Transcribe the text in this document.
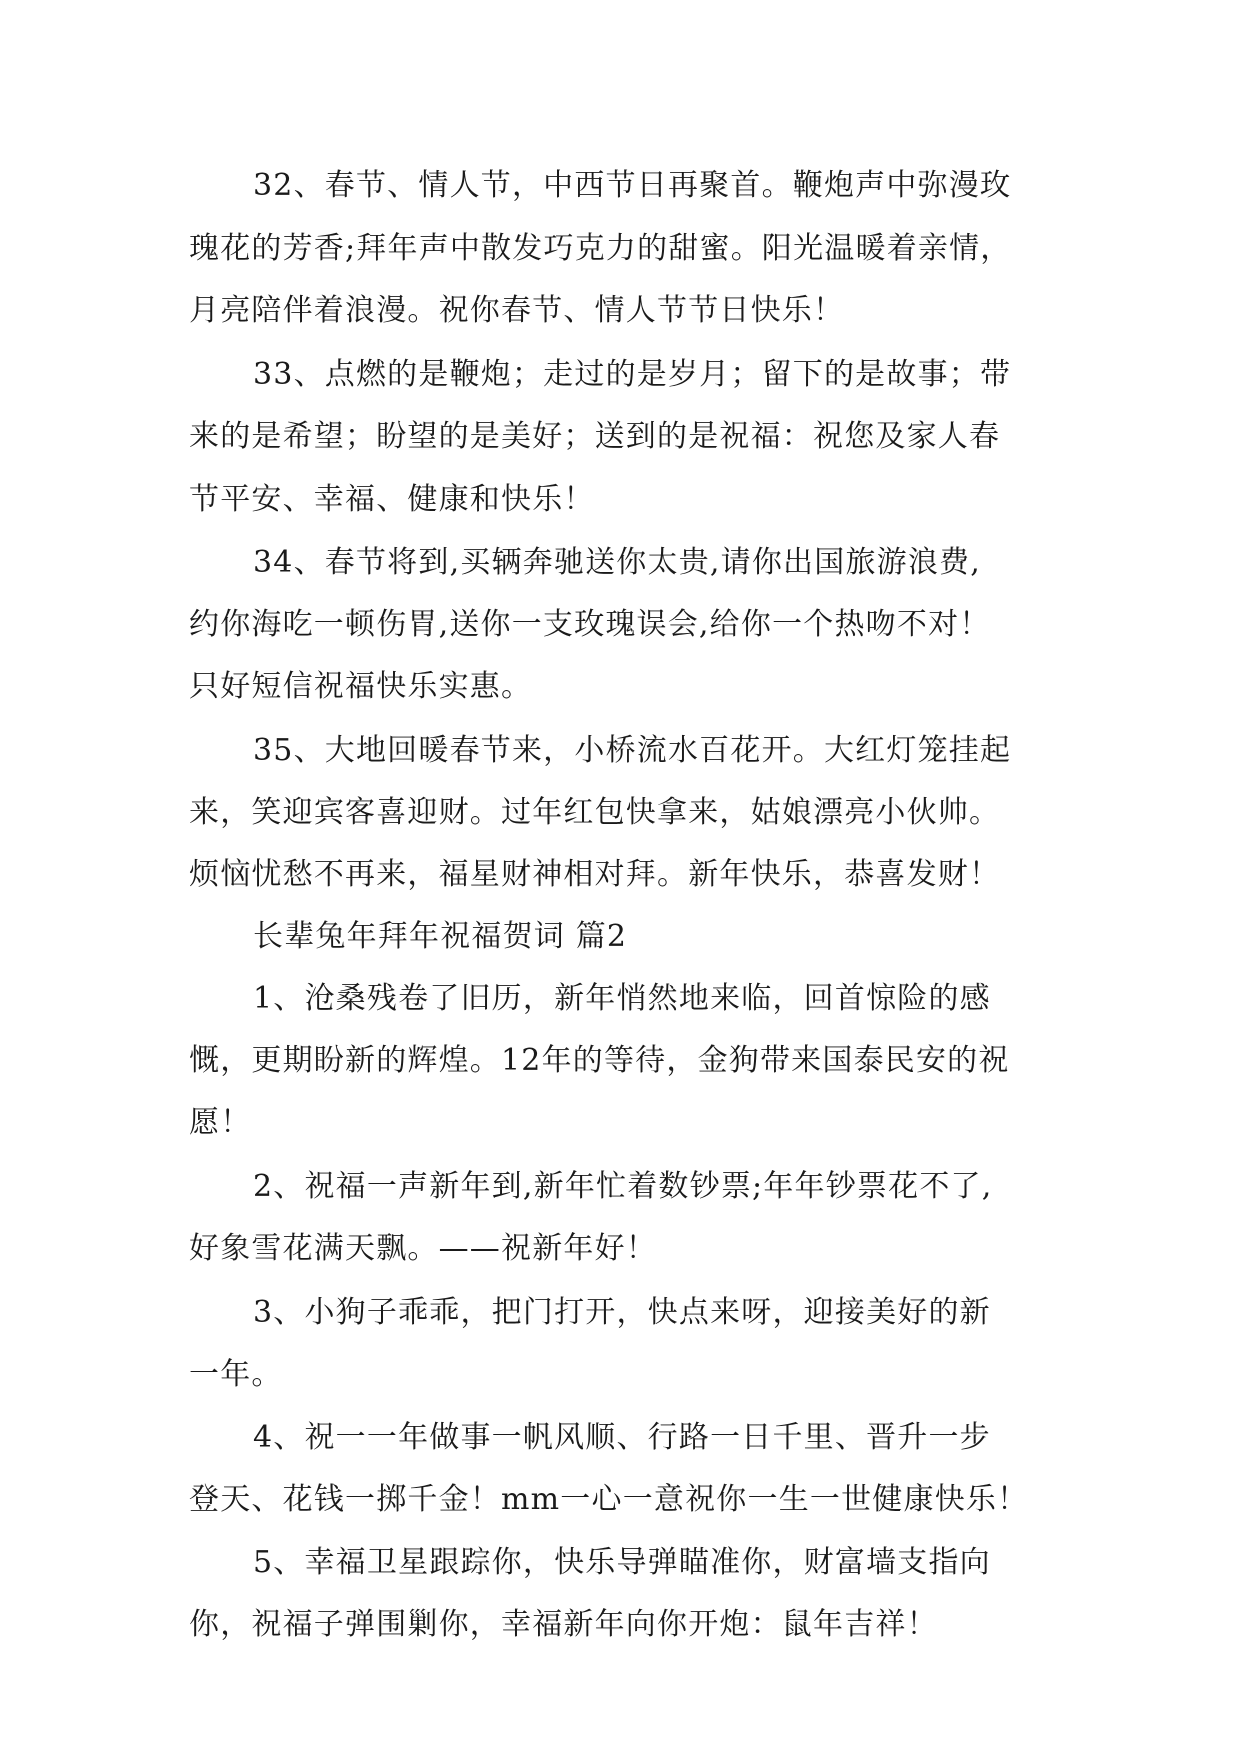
32、春节、情人节，中西节日再聚首。鞭炮声中弥漫玫
瑰花的芳香;拜年声中散发巧克力的甜蜜。阳光温暖着亲情，
月亮陪伴着浪漫。祝你春节、情人节节日快乐！
33、点燃的是鞭炮；走过的是岁月；留下的是故事；带
来的是希望；盼望的是美好；送到的是祝福：祝您及家人春
节平安、幸福、健康和快乐！
34、春节将到,买辆奔驰送你太贵,请你出国旅游浪费,
约你海吃一顿伤胃,送你一支玫瑰误会,给你一个热吻不对！
只好短信祝福快乐实惠。
35、大地回暖春节来，小桥流水百花开。大红灯笼挂起
来，笑迎宾客喜迎财。过年红包快拿来，姑娘漂亮小伙帅。
烦恼忧愁不再来，福星财神相对拜。新年快乐，恭喜发财！
长辈兔年拜年祝福贺词 篇2
1、沧桑残卷了旧历，新年悄然地来临，回首惊险的感
慨，更期盼新的辉煌。12年的等待，金狗带来国泰民安的祝
愿！
2、祝福一声新年到,新年忙着数钞票;年年钞票花不了,
好象雪花满天飘。——祝新年好！
3、小狗子乖乖，把门打开，快点来呀，迎接美好的新
一年。
4、祝一一年做事一帆风顺、行路一日千里、晋升一步
登天、花钱一掷千金！mm一心一意祝你一生一世健康快乐！
5、幸福卫星跟踪你，快乐导弹瞄准你，财富墙支指向
你，祝福子弹围剿你，幸福新年向你开炮：鼠年吉祥！
